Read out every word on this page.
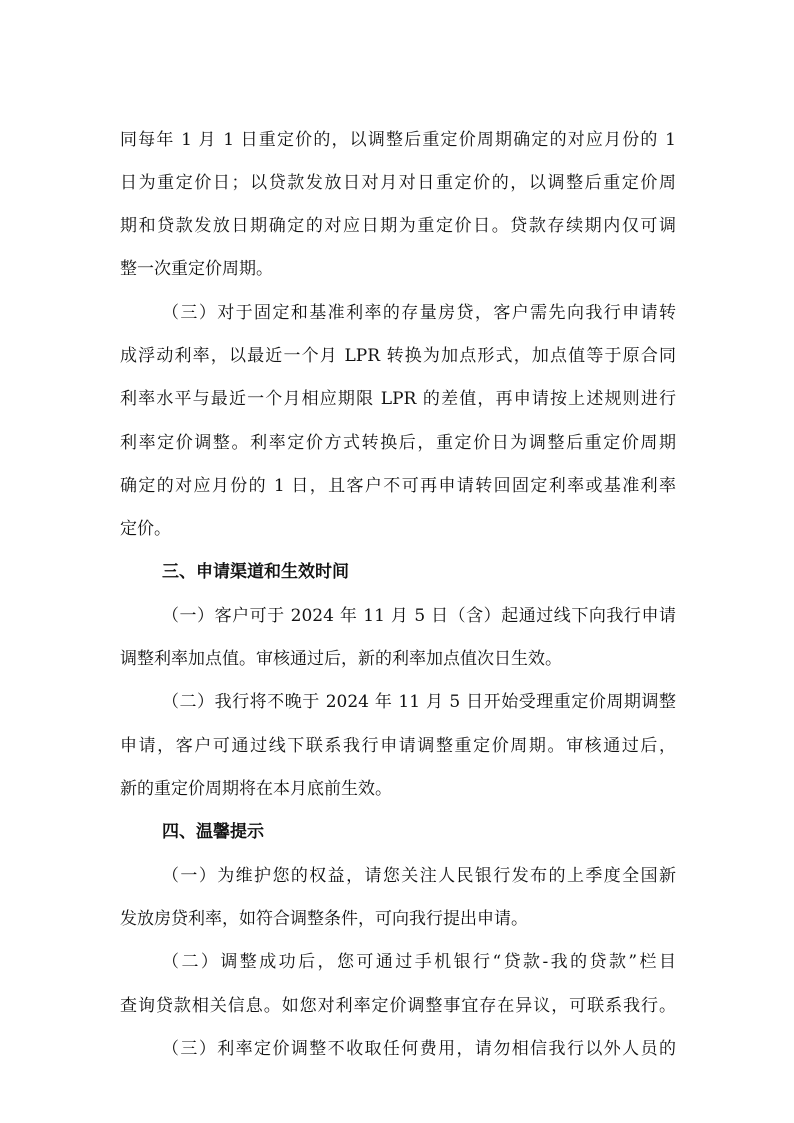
同每年 1 月 1 日重定价的，以调整后重定价周期确定的对应月份的 1
日为重定价日；以贷款发放日对月对日重定价的，以调整后重定价周
期和贷款发放日期确定的对应日期为重定价日。贷款存续期内仅可调
整一次重定价周期。
（三）对于固定和基准利率的存量房贷，客户需先向我行申请转
成浮动利率，以最近一个月 LPR 转换为加点形式，加点值等于原合同
利率水平与最近一个月相应期限 LPR 的差值，再申请按上述规则进行
利率定价调整。利率定价方式转换后，重定价日为调整后重定价周期
确定的对应月份的 1 日，且客户不可再申请转回固定利率或基准利率
定价。
三、申请渠道和生效时间
（一）客户可于 2024 年 11 月 5 日（含）起通过线下向我行申请
调整利率加点值。审核通过后，新的利率加点值次日生效。
（二）我行将不晚于 2024 年 11 月 5 日开始受理重定价周期调整
申请，客户可通过线下联系我行申请调整重定价周期。审核通过后，
新的重定价周期将在本月底前生效。
四、温馨提示
（一）为维护您的权益，请您关注人民银行发布的上季度全国新
发放房贷利率，如符合调整条件，可向我行提出申请。
（二）调整成功后，您可通过手机银行“贷款-我的贷款”栏目
查询贷款相关信息。如您对利率定价调整事宜存在异议，可联系我行。
（三）利率定价调整不收取任何费用，请勿相信我行以外人员的
